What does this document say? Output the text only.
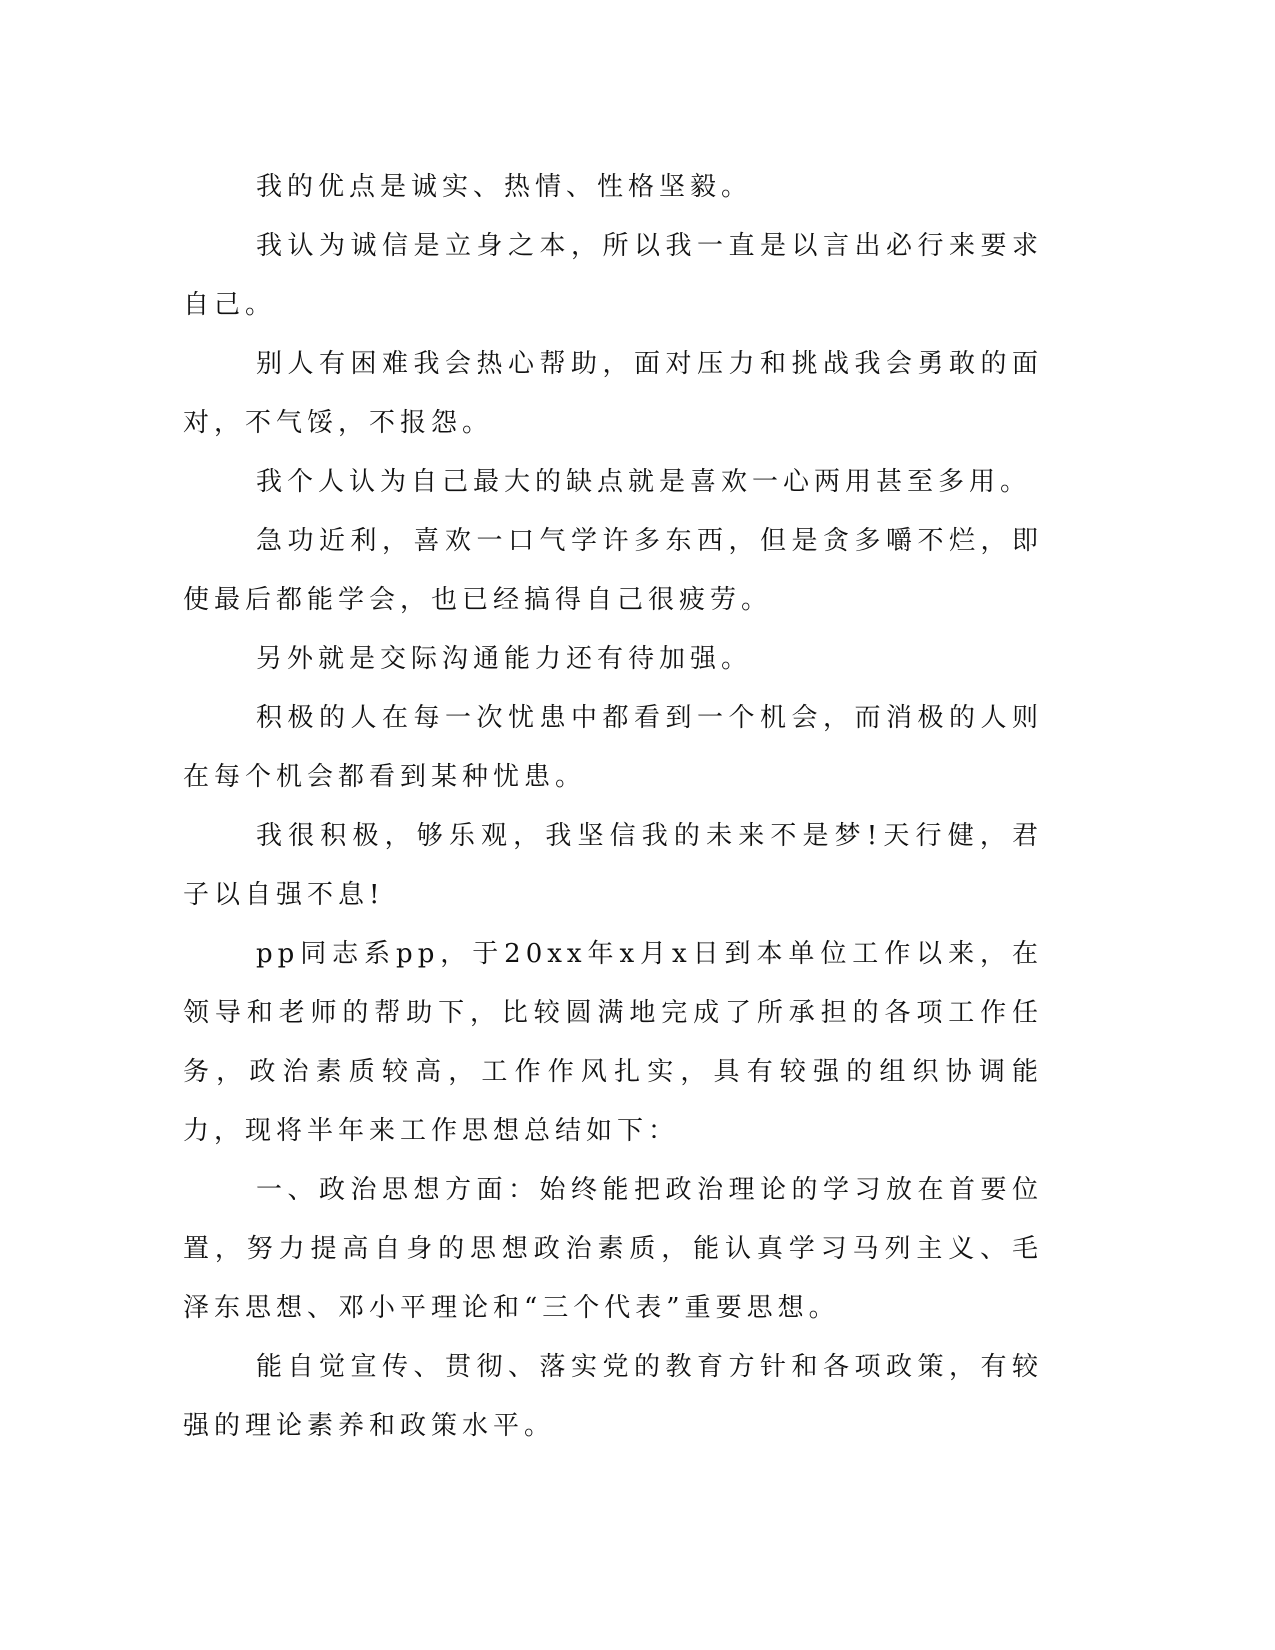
我的优点是诚实、热情、性格坚毅。

我认为诚信是立身之本，所以我一直是以言出必行来要求自己。

别人有困难我会热心帮助，面对压力和挑战我会勇敢的面对，不气馁，不报怨。

我个人认为自己最大的缺点就是喜欢一心两用甚至多用。

急功近利，喜欢一口气学许多东西，但是贪多嚼不烂，即使最后都能学会，也已经搞得自己很疲劳。

另外就是交际沟通能力还有待加强。

积极的人在每一次忧患中都看到一个机会，而消极的人则在每个机会都看到某种忧患。

我很积极，够乐观，我坚信我的未来不是梦!天行健，君子以自强不息!

pp同志系pp，于20xx年x月x日到本单位工作以来，在领导和老师的帮助下，比较圆满地完成了所承担的各项工作任务，政治素质较高，工作作风扎实，具有较强的组织协调能力，现将半年来工作思想总结如下：

一、政治思想方面：始终能把政治理论的学习放在首要位置，努力提高自身的思想政治素质，能认真学习马列主义、毛泽东思想、邓小平理论和“三个代表”重要思想。

能自觉宣传、贯彻、落实党的教育方针和各项政策，有较强的理论素养和政策水平。
